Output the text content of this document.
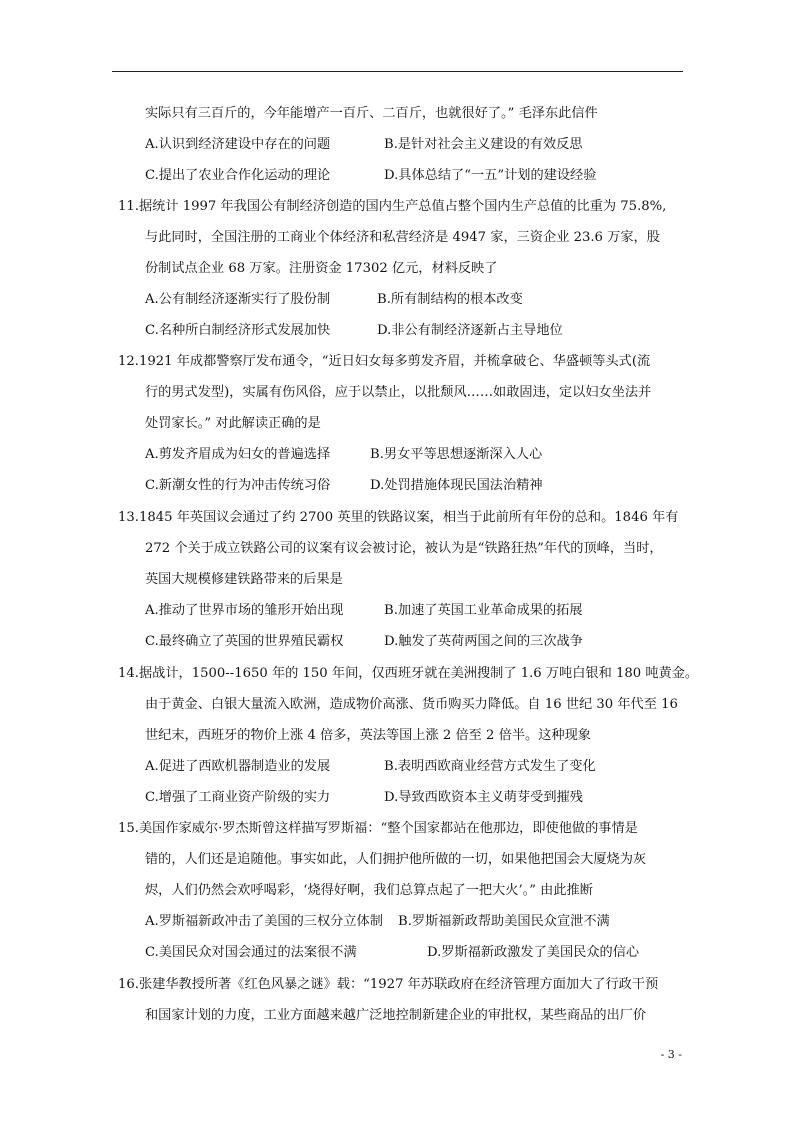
实际只有三百斤的，今年能增产一百斤、二百斤，也就很好了。” 毛泽东此信件
A.认识到经济建设中存在的问题	B.是针对社会主义建设的有效反思
C.提出了农业合作化运动的理论	D.具体总结了“一五”计划的建设经验
11.据统计 1997 年我国公有制经济创造的国内生产总值占整个国内生产总值的比重为 75.8%,
与此同时，全国注册的工商业个体经济和私营经济是 4947 家，三资企业 23.6 万家，股
份制试点企业 68 万家。注册资金 17302 亿元，材料反映了
A.公有制经济逐渐实行了股份制	B.所有制结构的根本改变
C.名种所白制经济形式发展加快	D.非公有制经济逐新占主导地位
12.1921 年成都警察厅发布通令，“近日妇女每多剪发齐眉，并梳拿破仑、华盛顿等头式(流
行的男式发型)，实属有伤风俗，应于以禁止，以批颓风……如敢固违，定以妇女坐法并
处罚家长。” 对此解读正确的是
A.剪发齐眉成为妇女的普遍选择	B.男女平等思想逐渐深入人心
C.新潮女性的行为冲击传统习俗	D.处罚措施体现民国法治精神
13.1845 年英国议会通过了约 2700 英里的铁路议案，相当于此前所有年份的总和。1846 年有
272 个关于成立铁路公司的议案有议会被讨论，被认为是“铁路狂热”年代的顶峰，当时，
英国大规模修建铁路带来的后果是
A.推动了世界市场的雏形开始出现	B.加速了英国工业革命成果的拓展
C.最终确立了英国的世界殖民霸权	D.触发了英荷两国之间的三次战争
14.据战计，1500--1650 年的 150 年间，仅西班牙就在美洲搜制了 1.6 万吨白银和 180 吨黄金。
由于黄金、白银大量流入欧洲，造成物价高涨、货币购买力降低。自 16 世纪 30 年代至 16
世纪末，西班牙的物价上涨 4 倍多，英法等国上涨 2 倍至 2 倍半。这种现象
A.促进了西欧机器制造业的发展	B.表明西欧商业经营方式发生了变化
C.增强了工商业资产阶级的实力	D.导致西欧资本主义萌芽受到摧残
15.美国作家威尔·罗杰斯曾这样描写罗斯福：“整个国家都站在他那边，即使他做的事情是
错的，人们还是追随他。事实如此，人们拥护他所做的一切，如果他把国会大厦烧为灰
烬，人们仍然会欢呼喝彩，‘烧得好啊，我们总算点起了一把大火’。” 由此推断
A.罗斯福新政冲击了美国的三权分立体制 B.罗斯福新政帮助美国民众宣泄不满
C.美国民众对国会通过的法案很不满	D.罗斯福新政激发了美国民众的信心
16.张建华教授所著《红色风暴之谜》载：“1927 年苏联政府在经济管理方面加大了行政干预
和国家计划的力度，工业方面越来越广泛地控制新建企业的审批权，某些商品的出厂价
- 3 -
